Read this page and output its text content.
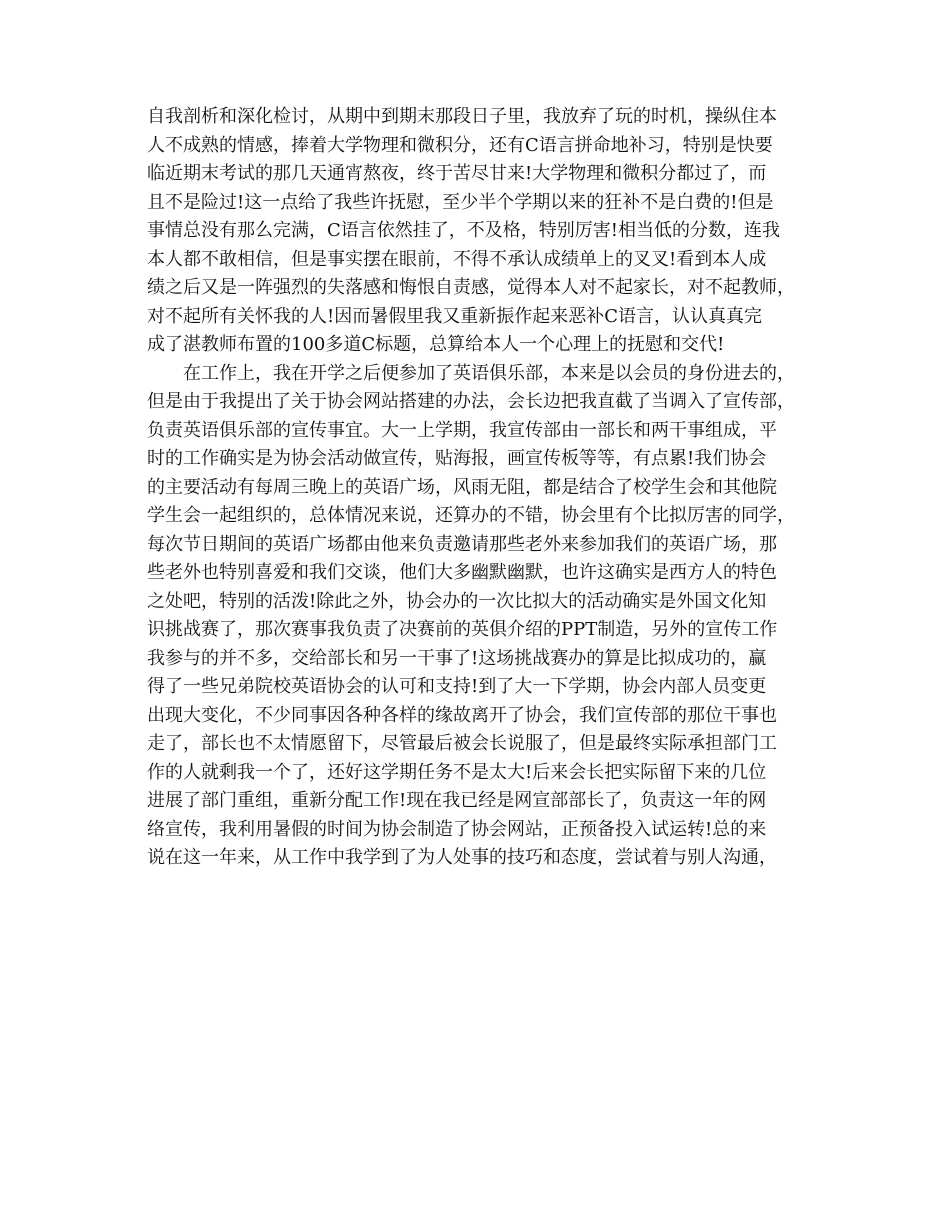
自我剖析和深化检讨，从期中到期末那段日子里，我放弃了玩的时机，操纵住本
人不成熟的情感，捧着大学物理和微积分，还有C语言拼命地补习，特别是快要
临近期末考试的那几天通宵熬夜，终于苦尽甘来!大学物理和微积分都过了，而
且不是险过!这一点给了我些许抚慰，至少半个学期以来的狂补不是白费的!但是
事情总没有那么完满，C语言依然挂了，不及格，特别厉害!相当低的分数，连我
本人都不敢相信，但是事实摆在眼前，不得不承认成绩单上的叉叉!看到本人成
绩之后又是一阵强烈的失落感和悔恨自责感，觉得本人对不起家长，对不起教师，
对不起所有关怀我的人!因而暑假里我又重新振作起来恶补C语言，认认真真完
成了湛教师布置的100多道C标题，总算给本人一个心理上的抚慰和交代!
在工作上，我在开学之后便参加了英语俱乐部，本来是以会员的身份进去的，
但是由于我提出了关于协会网站搭建的办法，会长边把我直截了当调入了宣传部，
负责英语俱乐部的宣传事宜。大一上学期，我宣传部由一部长和两干事组成，平
时的工作确实是为协会活动做宣传，贴海报，画宣传板等等，有点累!我们协会
的主要活动有每周三晚上的英语广场，风雨无阻，都是结合了校学生会和其他院
学生会一起组织的，总体情况来说，还算办的不错，协会里有个比拟厉害的同学，
每次节日期间的英语广场都由他来负责邀请那些老外来参加我们的英语广场，那
些老外也特别喜爱和我们交谈，他们大多幽默幽默，也许这确实是西方人的特色
之处吧，特别的活泼!除此之外，协会办的一次比拟大的活动确实是外国文化知
识挑战赛了，那次赛事我负责了决赛前的英俱介绍的PPT制造，另外的宣传工作
我参与的并不多，交给部长和另一干事了!这场挑战赛办的算是比拟成功的，赢
得了一些兄弟院校英语协会的认可和支持!到了大一下学期，协会内部人员变更
出现大变化，不少同事因各种各样的缘故离开了协会，我们宣传部的那位干事也
走了，部长也不太情愿留下，尽管最后被会长说服了，但是最终实际承担部门工
作的人就剩我一个了，还好这学期任务不是太大!后来会长把实际留下来的几位
进展了部门重组，重新分配工作!现在我已经是网宣部部长了，负责这一年的网
络宣传，我利用暑假的时间为协会制造了协会网站，正预备投入试运转!总的来
说在这一年来，从工作中我学到了为人处事的技巧和态度，尝试着与别人沟通，
